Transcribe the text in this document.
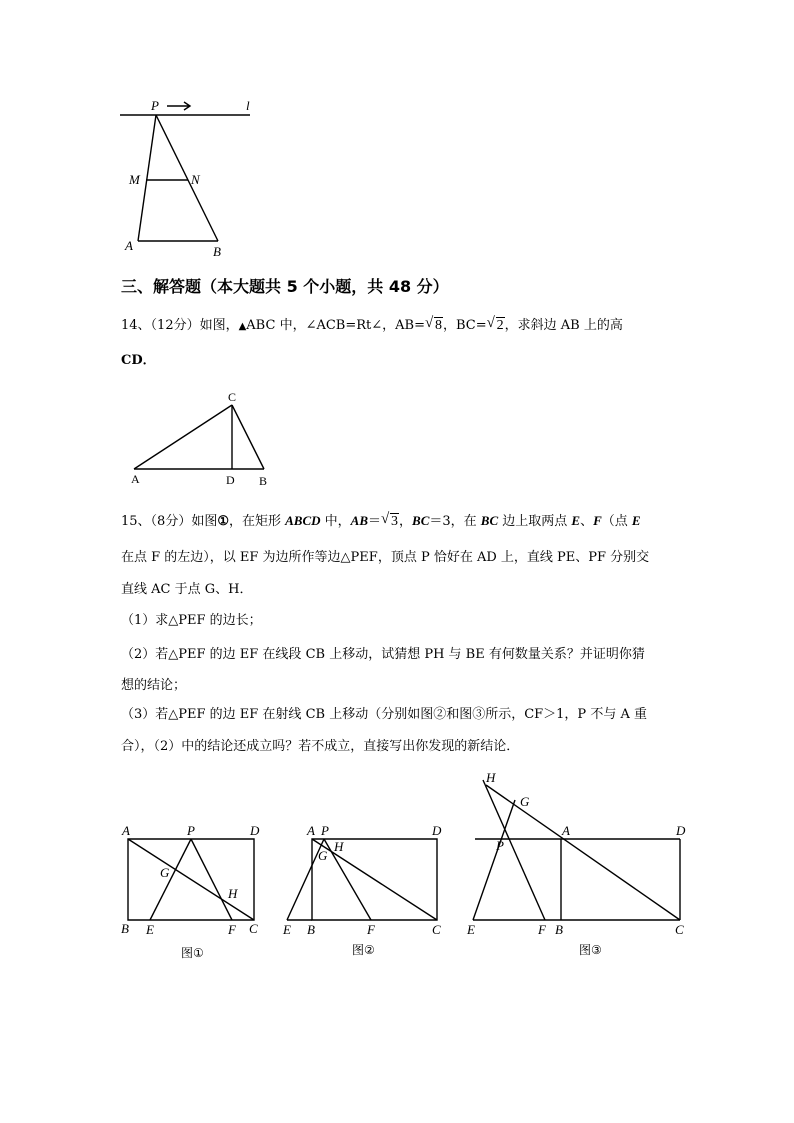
P	l
M	N
A	B
三、解答题（本大题共 5 个小题，共 48 分）
14、（12分）如图，▲ABC 中，∠ACB=Rt∠，AB= √ 8，BC= √ 2，求斜边 AB 上的高
CD．
C
A	D B
15、（8分）如图①，在矩形 ABCD 中，AB＝ √ 3，BC＝3，在 BC 边上取两点 E、F（点 E
在点 F 的左边），以 EF 为边所作等边△PEF，顶点 P 恰好在 AD 上，直线 PE、PF 分别交
直线 AC 于点 G、H．
（1）求△PEF 的边长；
（2）若△PEF 的边 EF 在线段 CB 上移动，试猜想 PH 与 BE 有何数量关系？并证明你猜
想的结论；
（3）若△PEF 的边 EF 在射线 CB 上移动（分别如图②和图③所示，CF＞1，P 不与 A 重
合），（2）中的结论还成立吗？若不成立，直接写出你发现的新结论．
A	P	D
G
H
B E	F C
图①
A P	D
G
H
E B	F	C
图②
H
G
A	D
P
E	F B	C
图③
